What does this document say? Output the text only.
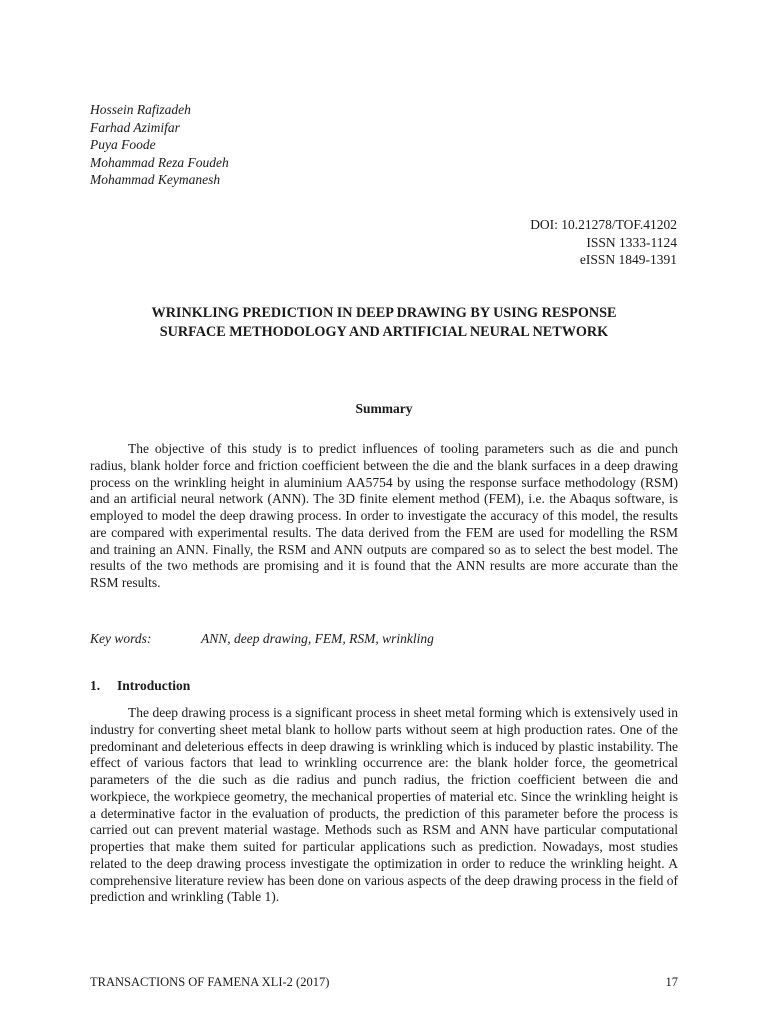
Hossein Rafizadeh
Farhad Azimifar
Puya Foode
Mohammad Reza Foudeh
Mohammad Keymanesh
DOI: 10.21278/TOF.41202
ISSN 1333-1124
eISSN 1849-1391
WRINKLING PREDICTION IN DEEP DRAWING BY USING RESPONSE
SURFACE METHODOLOGY AND ARTIFICIAL NEURAL NETWORK
Summary

The objective of this study is to predict influences of tooling parameters such as die and punch radius, blank holder force and friction coefficient between the die and the blank surfaces in a deep drawing process on the wrinkling height in aluminium AA5754 by using the response surface methodology (RSM) and an artificial neural network (ANN). The 3D finite element method (FEM), i.e. the Abaqus software, is employed to model the deep drawing process. In order to investigate the accuracy of this model, the results are compared with experimental results. The data derived from the FEM are used for modelling the RSM and training an ANN. Finally, the RSM and ANN outputs are compared so as to select the best model. The results of the two methods are promising and it is found that the ANN results are more accurate than the RSM results.

Key words:	ANN, deep drawing, FEM, RSM, wrinkling
1. Introduction

The deep drawing process is a significant process in sheet metal forming which is extensively used in industry for converting sheet metal blank to hollow parts without seem at high production rates. One of the predominant and deleterious effects in deep drawing is wrinkling which is induced by plastic instability. The effect of various factors that lead to wrinkling occurrence are: the blank holder force, the geometrical parameters of the die such as die radius and punch radius, the friction coefficient between die and workpiece, the workpiece geometry, the mechanical properties of material etc. Since the wrinkling height is a determinative factor in the evaluation of products, the prediction of this parameter before the process is carried out can prevent material wastage. Methods such as RSM and ANN have particular computational properties that make them suited for particular applications such as prediction. Nowadays, most studies related to the deep drawing process investigate the optimization in order to reduce the wrinkling height. A comprehensive literature review has been done on various aspects of the deep drawing process in the field of prediction and wrinkling (Table 1).

TRANSACTIONS OF FAMENA XLI-2 (2017)	17
